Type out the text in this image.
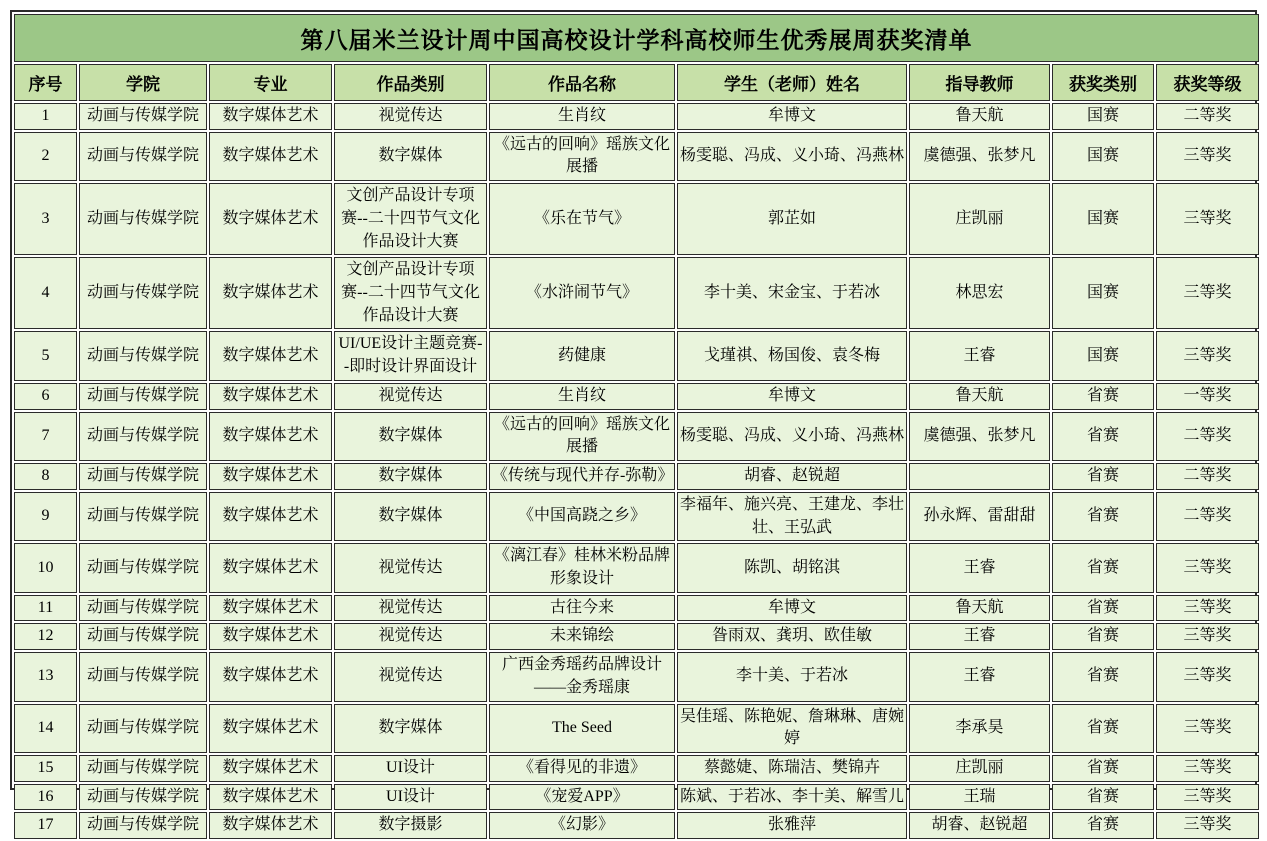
第八届米兰设计周中国高校设计学科高校师生优秀展周获奖清单								
序号	学院	专业	作品类别	作品名称	学生（老师）姓名	指导教师	获奖类别	获奖等级
1	动画与传媒学院	数字媒体艺术	视觉传达	生肖纹	牟博文	鲁天航	国赛	二等奖
2	动画与传媒学院	数字媒体艺术	数字媒体	《远古的回响》瑶族文化展播	杨雯聪、冯成、义小琦、冯燕林	虞德强、张梦凡	国赛	三等奖
3	动画与传媒学院	数字媒体艺术	文创产品设计专项赛--二十四节气文化作品设计大赛	《乐在节气》	郭芷如	庄凯丽	国赛	三等奖
4	动画与传媒学院	数字媒体艺术	文创产品设计专项赛--二十四节气文化作品设计大赛	《水浒闹节气》	李十美、宋金宝、于若冰	林思宏	国赛	三等奖
5	动画与传媒学院	数字媒体艺术	UI/UE设计主题竞赛--即时设计界面设计	药健康	戈瑾祺、杨国俊、袁冬梅	王睿	国赛	三等奖
6	动画与传媒学院	数字媒体艺术	视觉传达	生肖纹	牟博文	鲁天航	省赛	一等奖
7	动画与传媒学院	数字媒体艺术	数字媒体	《远古的回响》瑶族文化展播	杨雯聪、冯成、义小琦、冯燕林	虞德强、张梦凡	省赛	二等奖
8	动画与传媒学院	数字媒体艺术	数字媒体	《传统与现代并存-弥勒》	胡睿、赵锐超		省赛	二等奖
9	动画与传媒学院	数字媒体艺术	数字媒体	《中国高跷之乡》	李福年、施兴亮、王建龙、李壮壮、王弘武	孙永辉、雷甜甜	省赛	二等奖
10	动画与传媒学院	数字媒体艺术	视觉传达	《漓江春》桂林米粉品牌形象设计	陈凯、胡铭淇	王睿	省赛	三等奖
11	动画与传媒学院	数字媒体艺术	视觉传达	古往今来	牟博文	鲁天航	省赛	三等奖
12	动画与传媒学院	数字媒体艺术	视觉传达	未来锦绘	昝雨双、龚玥、欧佳敏	王睿	省赛	三等奖
13	动画与传媒学院	数字媒体艺术	视觉传达	广西金秀瑶药品牌设计——金秀瑶康	李十美、于若冰	王睿	省赛	三等奖
14	动画与传媒学院	数字媒体艺术	数字媒体	The Seed	吴佳瑶、陈艳妮、詹琳琳、唐婉婷	李承昊	省赛	三等奖
15	动画与传媒学院	数字媒体艺术	UI设计	《看得见的非遗》	蔡懿婕、陈瑞洁、樊锦卉	庄凯丽	省赛	三等奖
16	动画与传媒学院	数字媒体艺术	UI设计	《宠爱APP》	陈斌、于若冰、李十美、解雪儿	王瑞	省赛	三等奖
17	动画与传媒学院	数字媒体艺术	数字摄影	《幻影》	张雅萍	胡睿、赵锐超	省赛	三等奖
